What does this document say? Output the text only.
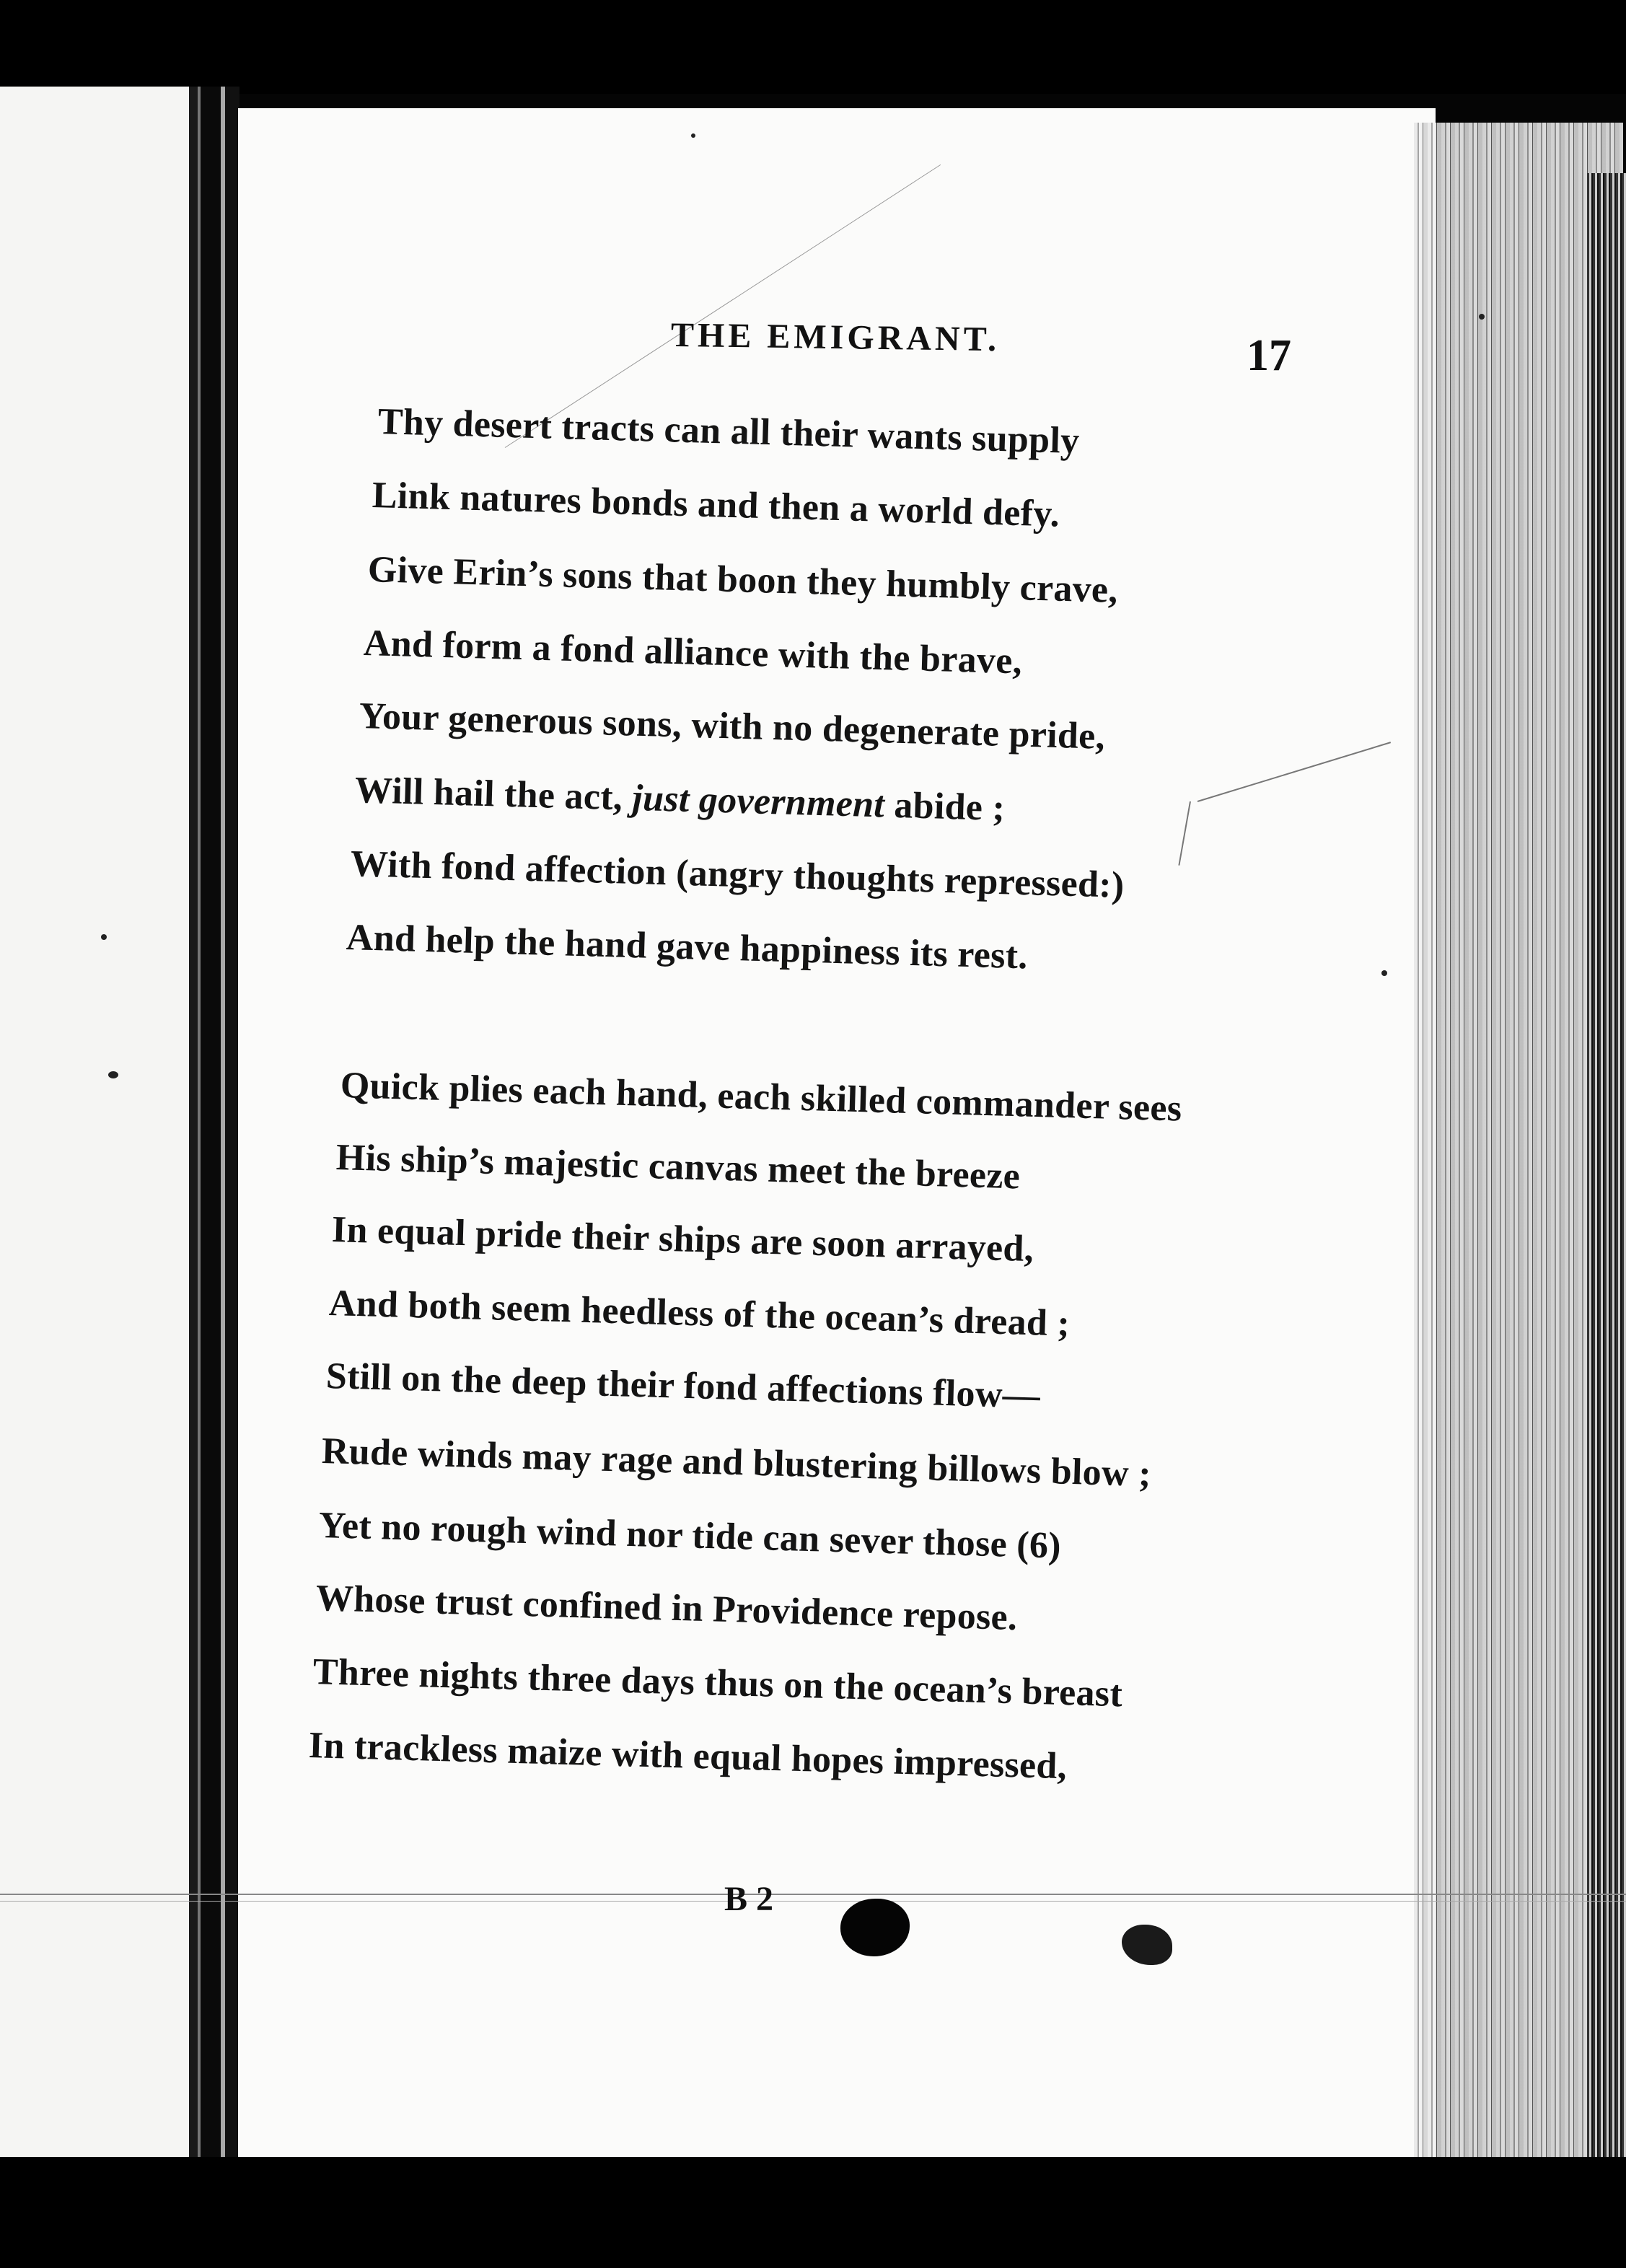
THE EMIGRANT.	17
Thy desert tracts can all their wants supply
Link natures bonds and then a world defy.
Give Erin’s sons that boon they humbly crave,
And form a fond alliance with the brave,
Your generous sons, with no degenerate pride,
Will hail the act, just government abide ;
With fond affection (angry thoughts repressed:)
And help the hand gave happiness its rest.
Quick plies each hand, each skilled commander sees
His ship’s majestic canvas meet the breeze
In equal pride their ships are soon arrayed,
And both seem heedless of the ocean’s dread ;
Still on the deep their fond affections flow—
Rude winds may rage and blustering billows blow ;
Yet no rough wind nor tide can sever those (6)
Whose trust confined in Providence repose.
Three nights three days thus on the ocean’s breast
In trackless maize with equal hopes impressed,
B 2
